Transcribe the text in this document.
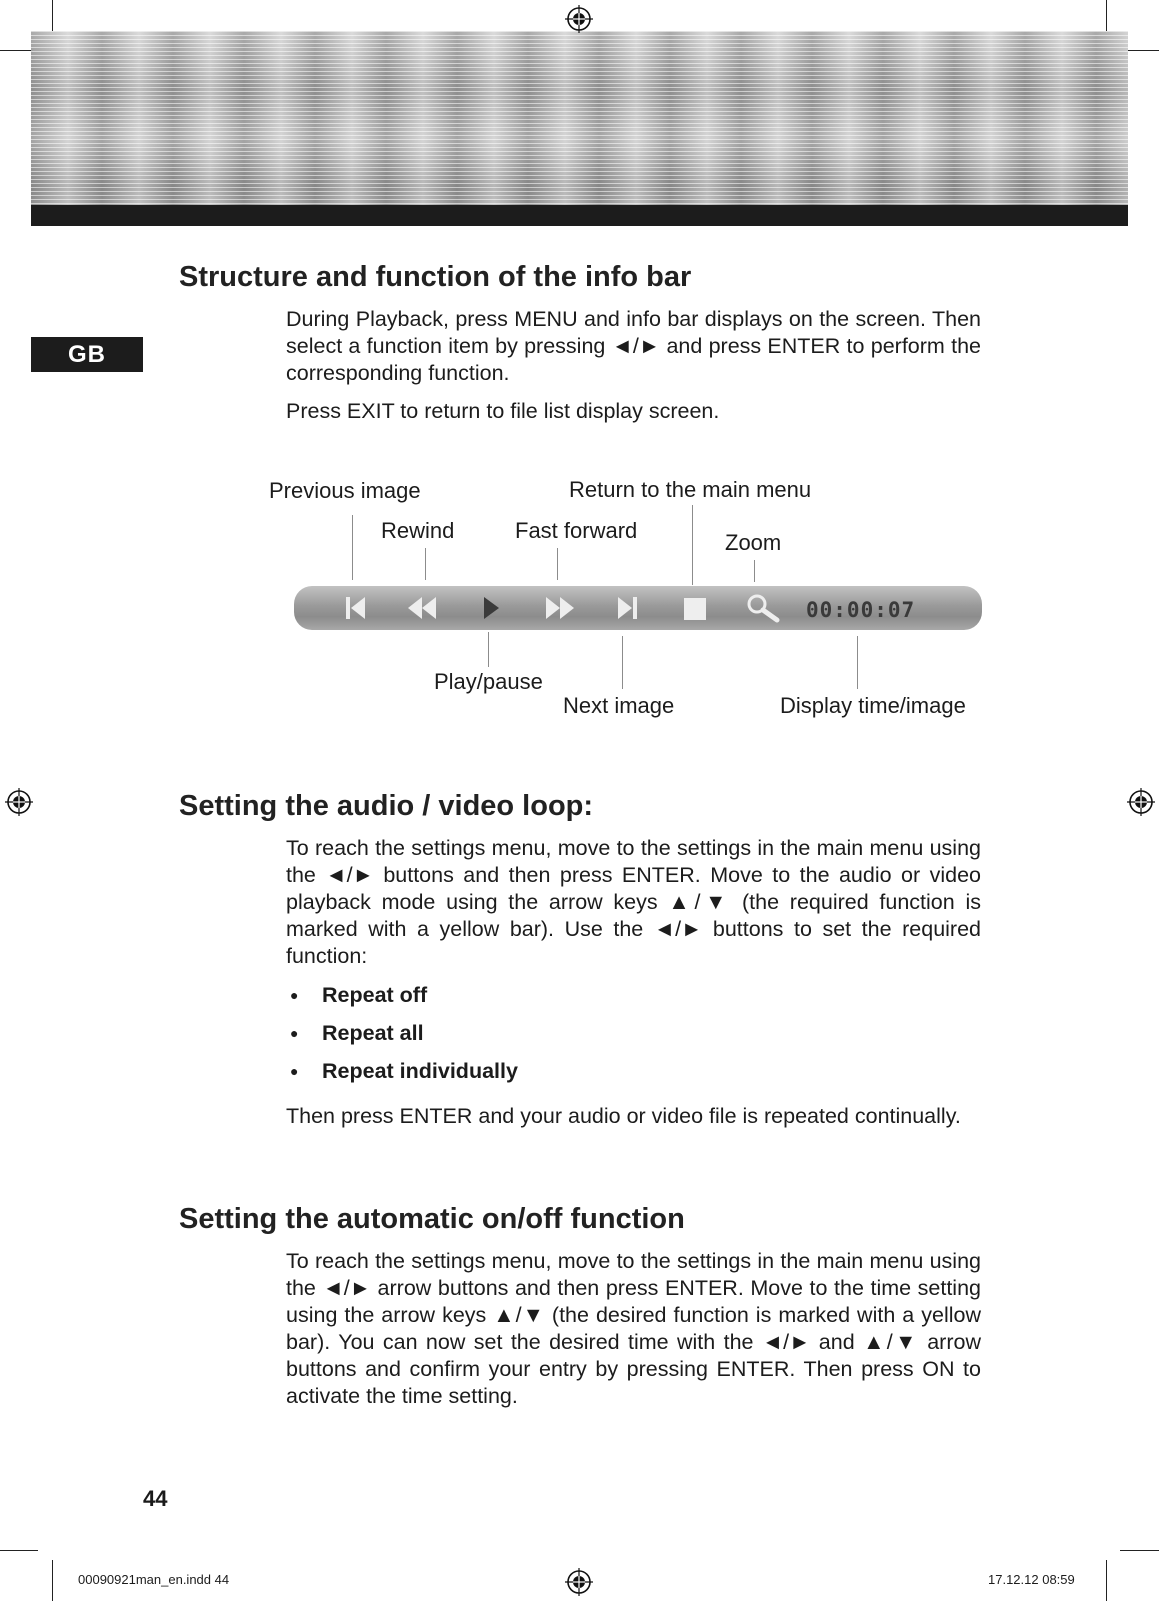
GB
Structure and function of the info bar

During Playback, press MENU and info bar displays on the screen. Then select a function item by pressing ◄/► and press ENTER to perform the corresponding function.

Press EXIT to return to file list display screen.

Previous image	Return to the main menu
Rewind	Fast forward	Zoom
Play/pause
Next image	Display time/image
00:00:07
Setting the audio / video loop:

To reach the settings menu, move to the settings in the main menu using the ◄/► buttons and then press ENTER. Move to the audio or video playback mode using the arrow keys ▲/▼ (the required function is marked with a yellow bar). Use the ◄/► buttons to set the required function:

● Repeat off
● Repeat all
● Repeat individually

Then press ENTER and your audio or video file is repeated continually.

Setting the automatic on/off function

To reach the settings menu, move to the settings in the main menu using the ◄/► arrow buttons and then press ENTER. Move to the time setting using the arrow keys ▲/▼ (the desired function is marked with a yellow bar). You can now set the desired time with the ◄/► and ▲/▼ arrow buttons and confirm your entry by pressing ENTER. Then press ON to activate the time setting.

44
00090921man_en.indd 44	17.12.12 08:59
